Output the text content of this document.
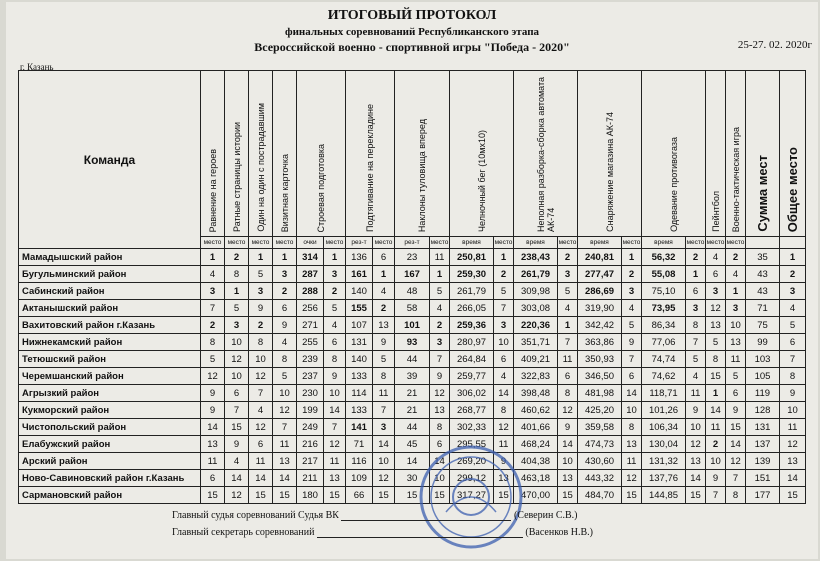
ИТОГОВЫЙ ПРОТОКОЛ
финальных соревнований Республиканского этапа
Всероссийской военно - спортивной игры "Победа - 2020"	25-27. 02. 2020г
г. Казань
Команда	Равнение на героев	Ратные страницы истории	Один на один с пострадавшим	Визитная карточка	Строевая подготовка		Подтягивание на перекладине		Наклоны туловища вперед		Челночный бег (10мх10)		Неполная разборка-сборка автомата АК-74		Снаряжение магазина АК-74		Одевание противогаза		Пейнтбол	Военно-тактическая игра	Сумма мест	Общее место

	место	место	место	место	очки	место	рез-т	место	рез-т	место	время	место	время	место	время	место	время	место	место	место		
Мамадышский район	1	2	1	1	314	1	136	6	23	11	250,81	1	238,43	2	240,81	1	56,32	2	4	2	35	1
Бугульминский район	4	8	5	3	287	3	161	1	167	1	259,30	2	261,79	3	277,47	2	55,08	1	6	4	43	2
Сабинский район	3	1	3	2	288	2	140	4	48	5	261,79	5	309,98	5	286,69	3	75,10	6	3	1	43	3
Актанышский район	7	5	9	6	256	5	155	2	58	4	266,05	7	303,08	4	319,90	4	73,95	3	12	3	71	4
Вахитовский район г.Казань	2	3	2	9	271	4	107	13	101	2	259,36	3	220,36	1	342,42	5	86,34	8	13	10	75	5
Нижнекамский район	8	10	8	4	255	6	131	9	93	3	280,97	10	351,71	7	363,86	9	77,06	7	5	13	99	6
Тетюшский район	5	12	10	8	239	8	140	5	44	7	264,84	6	409,21	11	350,93	7	74,74	5	8	11	103	7
Черемшанский район	12	10	12	5	237	9	133	8	39	9	259,77	4	322,83	6	346,50	6	74,62	4	15	5	105	8
Агрызкий район	9	6	7	10	230	10	114	11	21	12	306,02	14	398,48	8	481,98	14	118,71	11	1	6	119	9
Кукморский район	9	7	4	12	199	14	133	7	21	13	268,77	8	460,62	12	425,20	10	101,26	9	14	9	128	10
Чистопольский район	14	15	12	7	249	7	141	3	44	8	302,33	12	401,66	9	359,58	8	106,34	10	11	15	131	11
Елабужский район	13	9	6	11	216	12	71	14	45	6	295,55	11	468,24	14	474,73	13	130,04	12	2	14	137	12
Арский район	11	4	11	13	217	11	116	10	14	14	269,20	9	404,38	10	430,60	11	131,32	13	10	12	139	13
Ново-Савиновский район г.Казань	6	14	14	14	211	13	109	12	30	10	299,12	13	463,18	13	443,32	12	137,76	14	9	7	151	14
Сармановский район	15	12	15	15	180	15	66	15	15	15	317,27	15	470,00	15	484,70	15	144,85	15	7	8	177	15
Главный судья соревнований Судья ВК	(Северин С.В.)
Главный секретарь соревнований	(Васенков Н.В.)
